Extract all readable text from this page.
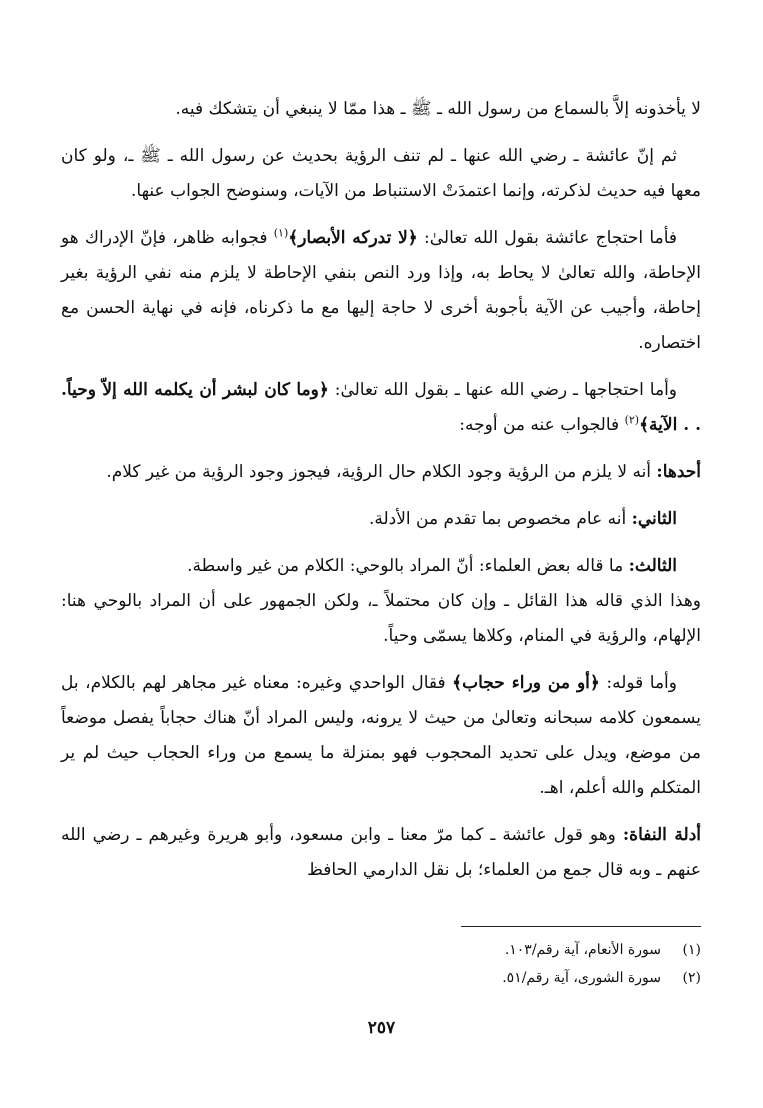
لا يأخذونه إلاَّ بالسماع من رسول الله ـ ﷺ ـ هذا ممّا لا ينبغي أن يتشكك فيه.

ثم إنّ عائشة ـ رضي الله عنها ـ لم تنف الرؤية بحديث عن رسول الله ـ ﷺ ـ، ولو كان معها فيه حديث لذكرته، وإنما اعتمدَتْ الاستنباط من الآيات، وسنوضح الجواب عنها.

فأما احتجاج عائشة بقول الله تعالىٰ: ﴿لا تدركه الأبصار﴾$^{(١)}$ فجوابه ظاهر، فإنّ الإدراك هو الإحاطة، والله تعالىٰ لا يحاط به، وإذا ورد النص بنفي الإحاطة لا يلزم منه نفي الرؤية بغير إحاطة، وأجيب عن الآية بأجوبة أخرى لا حاجة إليها مع ما ذكرناه، فإنه في نهاية الحسن مع اختصاره.

وأما احتجاجها ـ رضي الله عنها ـ بقول الله تعالىٰ: ﴿وما كان لبشر أن يكلمه الله إلاّ وحياً. . . الآية﴾$^{(٢)}$ فالجواب عنه من أوجه:

أحدها: أنه لا يلزم من الرؤية وجود الكلام حال الرؤية، فيجوز وجود الرؤية من غير كلام.

الثاني: أنه عام مخصوص بما تقدم من الأدلة.

الثالث: ما قاله بعض العلماء: أنّ المراد بالوحي: الكلام من غير واسطة.

وهذا الذي قاله هذا القائل ـ وإن كان محتملاً ـ، ولكن الجمهور على أن المراد بالوحي هنا: الإلهام، والرؤية في المنام، وكلاها يسمّى وحياً.

وأما قوله: ﴿أو من وراء حجاب﴾ فقال الواحدي وغيره: معناه غير مجاهر لهم بالكلام، بل يسمعون كلامه سبحانه وتعالىٰ من حيث لا يرونه، وليس المراد أنّ هناك حجاباً يفصل موضعاً من موضع، ويدل على تحديد المحجوب فهو بمنزلة ما يسمع من وراء الحجاب حيث لم ير المتكلم والله أعلم، اهـ.

أدلة النفاة: وهو قول عائشة ـ كما مرّ معنا ـ وابن مسعود، وأبو هريرة وغيرهم ـ رضي الله عنهم ـ وبه قال جمع من العلماء؛ بل نقل الدارمي الحافظ

(١)سورة الأنعام، آية رقم/١٠٣.
(٢)سورة الشورى، آية رقم/٥١.
٢٥٧
